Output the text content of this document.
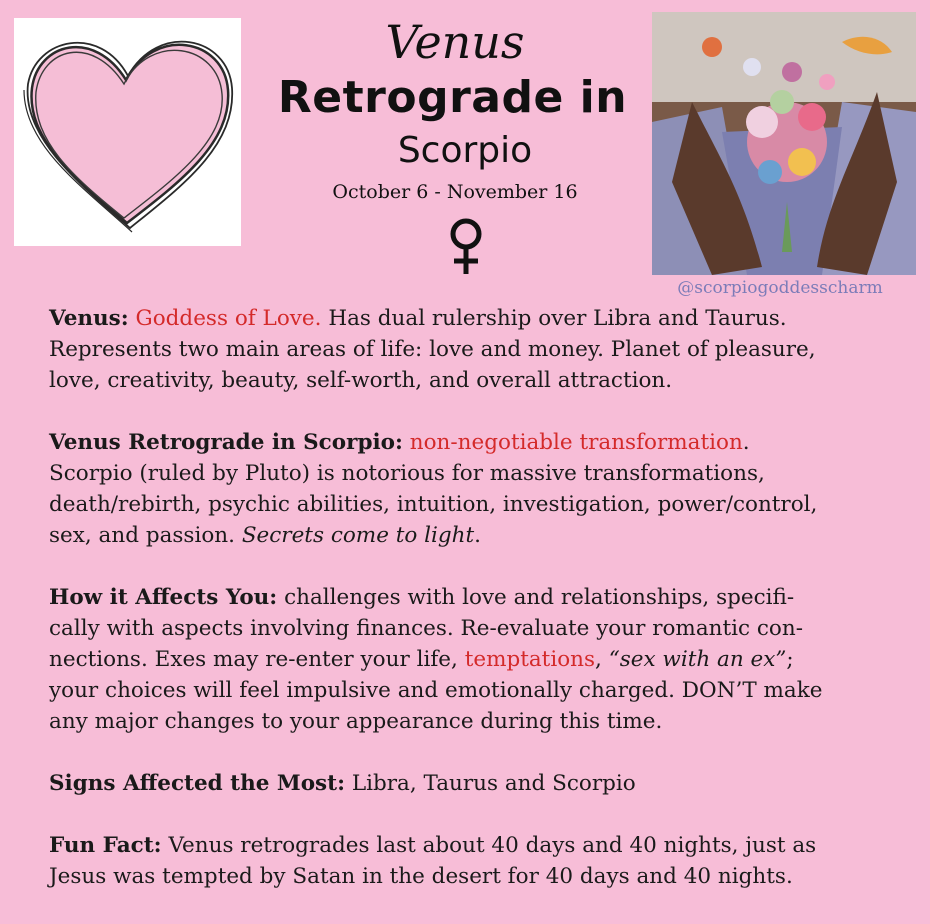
Venus
Retrograde in
Scorpio
October 6 - November 16
@scorpiogoddesscharm

Venus: Goddess of Love. Has dual rulership over Libra and Taurus.
Represents two main areas of life: love and money. Planet of pleasure,
love, creativity, beauty, self-worth, and overall attraction.

Venus Retrograde in Scorpio: non-negotiable transformation.
Scorpio (ruled by Pluto) is notorious for massive transformations,
death/rebirth, psychic abilities, intuition, investigation, power/control,
sex, and passion. Secrets come to light.

How it Affects You: challenges with love and relationships, specifi-
cally with aspects involving finances. Re-evaluate your romantic con-
nections. Exes may re-enter your life, temptations, “sex with an ex”;
your choices will feel impulsive and emotionally charged. DON’T make
any major changes to your appearance during this time.

Signs Affected the Most: Libra, Taurus and Scorpio

Fun Fact: Venus retrogrades last about 40 days and 40 nights, just as
Jesus was tempted by Satan in the desert for 40 days and 40 nights.
